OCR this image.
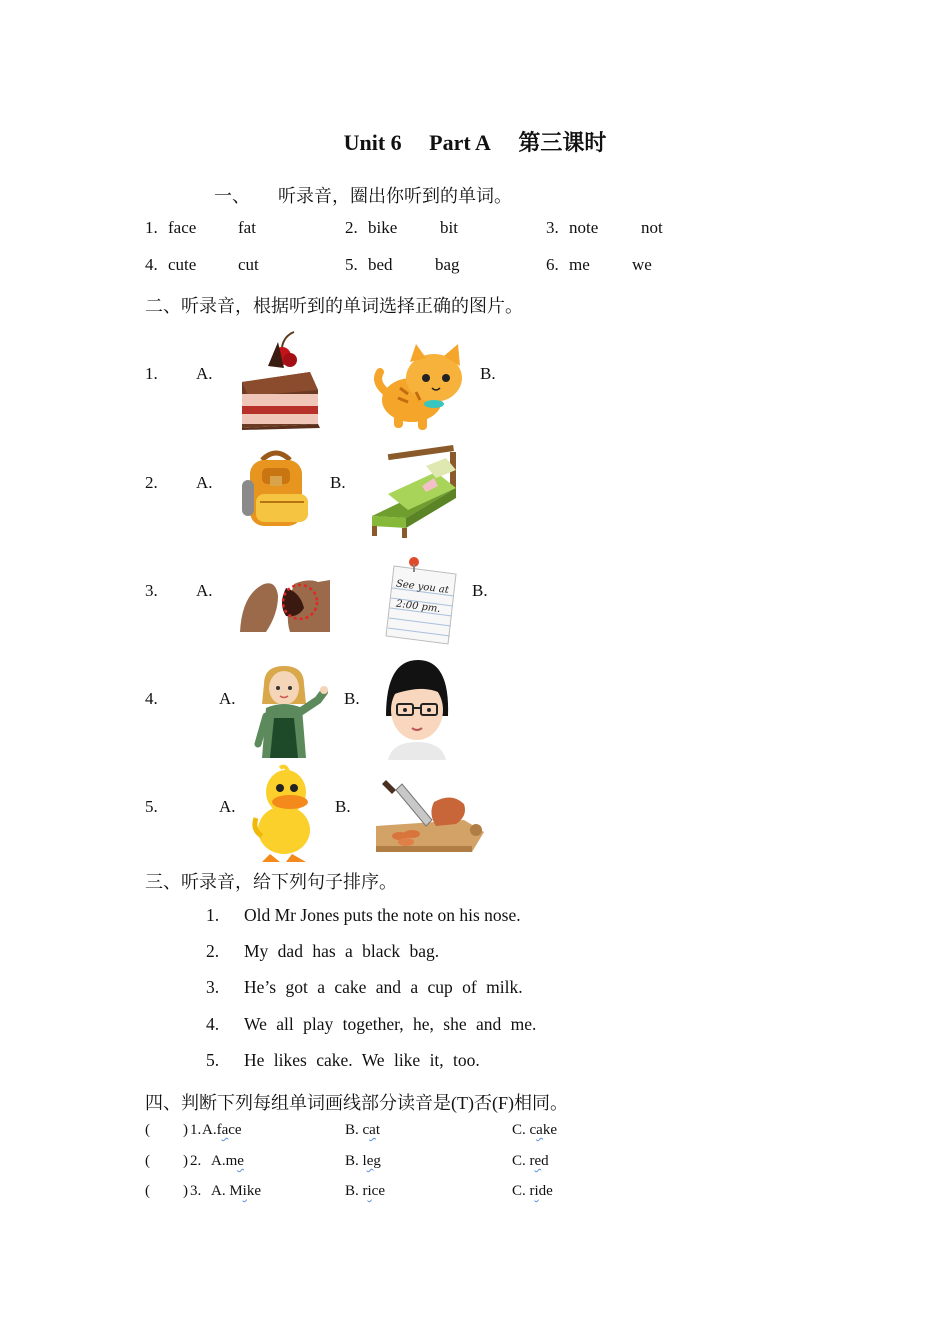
Unit 6 Part A 第三课时
一、 听录音，圈出你听到的单词。
1. face fat	2. bike	bit	3. note	not
4. cute cut	5. bed bag	6. me we
二、听录音，根据听到的单词选择正确的图片。
1. A.	B.
2. A.	B.
3. A.	See you at
2:00 pm.
B.
4.	A.	B.
5.	A.	B.
三、听录音，给下列句子排序。
1. Old Mr Jones puts the note on his nose.
2. My dad has a black bag.
3. He’s got a cake and a cup of milk.
4. We all play together, he, she and me.
5. He likes cake. We like it, too.
四、判断下列每组单词画线部分读音是(T)否(F)相同。
( ) 1. A.face	B. cat	C. cake
( ) 2. A.me	B. leg	C. red
( ) 3. A. Mike	B. rice	C. ride
